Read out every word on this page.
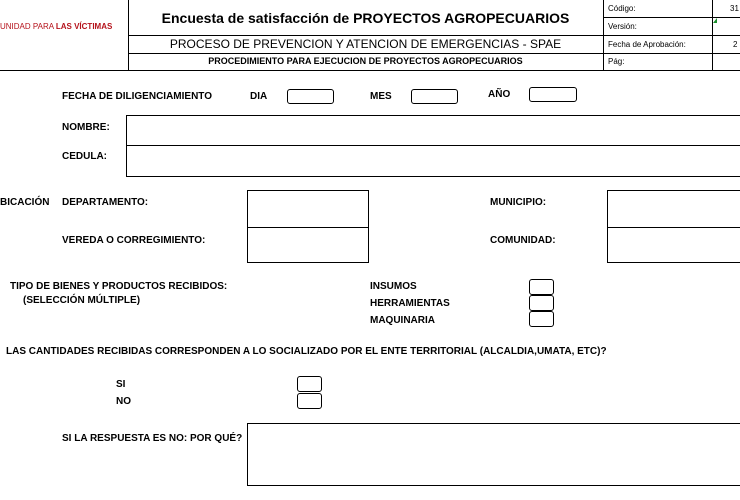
UNIDAD PARA LAS VÍCTIMAS
Encuesta de satisfacción de PROYECTOS AGROPECUARIOS
PROCESO DE PREVENCION Y ATENCION DE EMERGENCIAS - SPAE
PROCEDIMIENTO PARA EJECUCION DE PROYECTOS AGROPECUARIOS
Código:	31
Versión:
Fecha de Aprobación:	2
Pág:
FECHA DE DILIGENCIAMIENTO	DIA	MES	AÑO
NOMBRE:
CEDULA:
BICACIÓN DEPARTAMENTO:	MUNICIPIO:
VEREDA O CORREGIMIENTO:	COMUNIDAD:
TIPO DE BIENES Y PRODUCTOS RECIBIDOS:
(SELECCIÓN MÚLTIPLE)
INSUMOS
HERRAMIENTAS
MAQUINARIA
LAS CANTIDADES RECIBIDAS CORRESPONDEN A LO SOCIALIZADO POR EL ENTE TERRITORIAL (ALCALDIA,UMATA, ETC)?
SI
NO
SI LA RESPUESTA ES NO: POR QUÉ?
